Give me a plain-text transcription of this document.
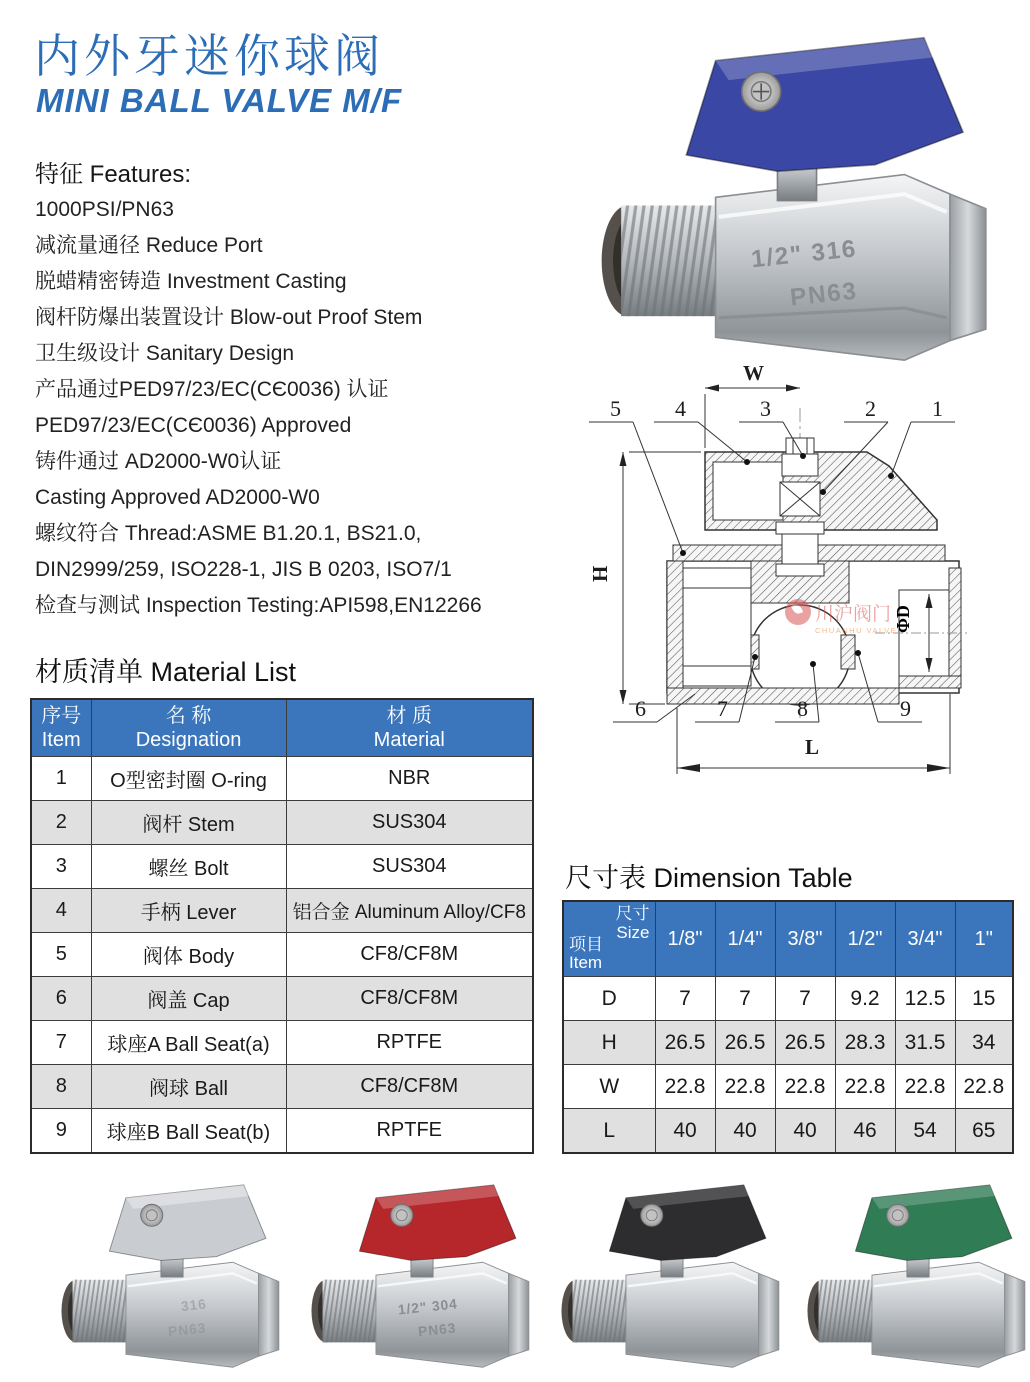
内外牙迷你球阀
MINI BALL VALVE M/F
特征 Features:
1000PSI/PN63
减流量通径 Reduce Port
脱蜡精密铸造 Investment Casting
阀杆防爆出装置设计 Blow-out Proof Stem
卫生级设计 Sanitary Design
产品通过PED97/23/EC(CЄ0036) 认证
PED97/23/EC(CЄ0036) Approved
铸件通过 AD2000-W0认证
Casting Approved AD2000-W0
螺纹符合 Thread:ASME B1.20.1, BS21.0,
DIN2999/259, ISO228-1, JIS B 0203, ISO7/1
检查与测试 Inspection Testing:API598,EN12266
1/2" 316
PN63
W
5 4	3	2	1
H
ΦD
6	7	8	9
L
川沪阀门
CHUANHU VALVE
材质清单 Material List
序号
Item

名 称
Designation

材 质
Material

1	O型密封圈 O-ring	NBR
2	阀杆 Stem	SUS304
3	螺丝 Bolt	SUS304
4	手柄 Lever	铝合金 Aluminum Alloy/CF8
5	阀体 Body	CF8/CF8M
6	阀盖 Cap	CF8/CF8M
7	球座A Ball Seat(a)	RPTFE
8	阀球 Ball	CF8/CF8M
9	球座B Ball Seat(b)	RPTFE
尺寸表 Dimension Table
尺寸
Size
项目
Item	1/8"	1/4"	3/8"	1/2"	3/4"	1"
D	7	7	7	9.2	12.5	15
H	26.5	26.5	26.5	28.3	31.5	34
W	22.8	22.8	22.8	22.8	22.8	22.8
L	40	40	40	46	54	65
316
PN63
1/2" 304
PN63
